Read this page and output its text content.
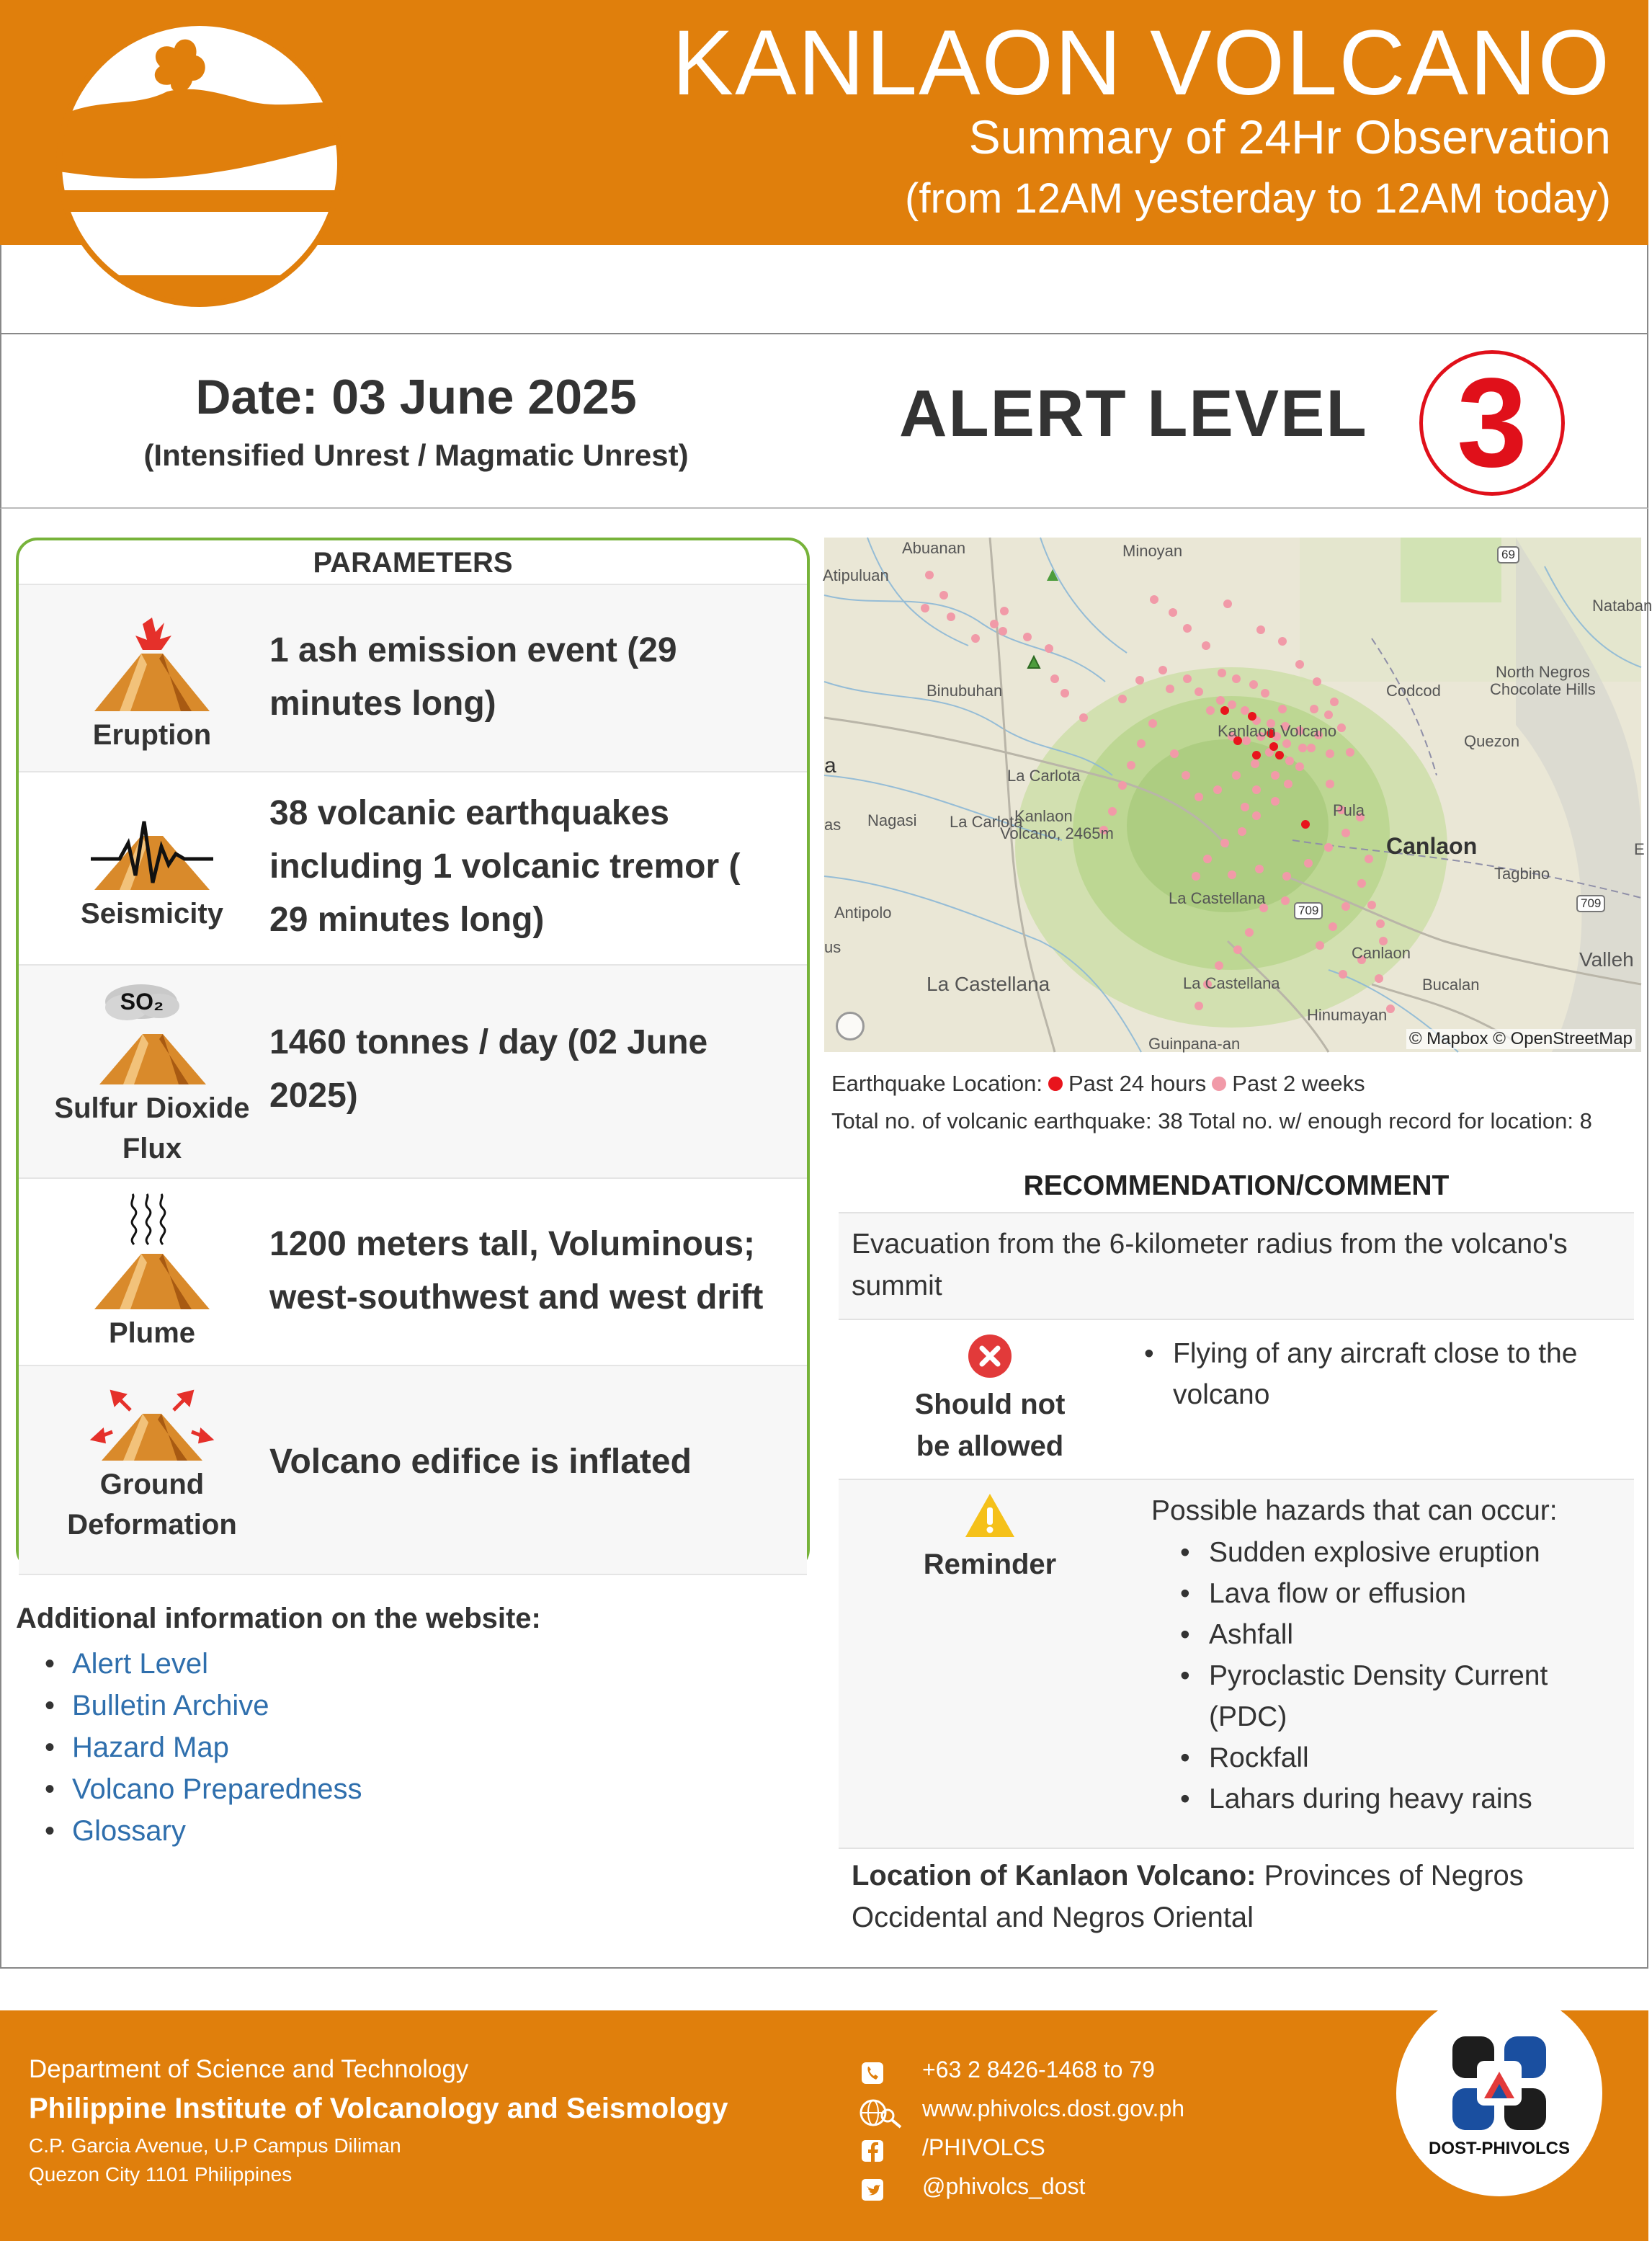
KANLAON VOLCANO
Summary of 24Hr Observation
(from 12AM yesterday to 12AM today)
Date: 03 June 2025
(Intensified Unrest / Magmatic Unrest)
ALERT LEVEL 3
PARAMETERS
Eruption
1 ash emission event (29 minutes long)
Seismicity
38 volcanic earthquakes including 1 volcanic tremor ( 29 minutes long)
SO₂
Sulfur Dioxide Flux
1460 tonnes / day (02 June 2025)
Plume
1200 meters tall, Voluminous; west-southwest and west drift
Ground Deformation
Volcano edifice is inflated
Additional information on the website:
• Alert Level
• Bulletin Archive
• Hazard Map
• Volcano Preparedness
• Glossary
Abuanan	Minoyan
Atipuluan
Nataban
Binubuhan	Codcod
North Negros
Chocolate Hills
Kanlaon Volcano
Quezon
La Carlota
Nagasi La Carlota
Kanlaon
Volcano, 2465m
Pula
Canlaon
Tagbino
Antipolo
La Castellana
La Castellana	La Castellana
Canlaon	Valleh
Bucalan
Hinumayan
Guinpana-an
a
as
us
E
69
709
709
© Mapbox © OpenStreetMap
Earthquake Location: Past 24 hours Past 2 weeks
Total no. of volcanic earthquake: 38 Total no. w/ enough record for location: 8
RECOMMENDATION/COMMENT
Evacuation from the 6-kilometer radius from the volcano's summit
Should not be allowed
• Flying of any aircraft close to the volcano
Reminder
Possible hazards that can occur:
• Sudden explosive eruption
• Lava flow or effusion
• Ashfall
• Pyroclastic Density Current (PDC)
• Rockfall
• Lahars during heavy rains
Location of Kanlaon Volcano: Provinces of Negros Occidental and Negros Oriental
Department of Science and Technology
Philippine Institute of Volcanology and Seismology
C.P. Garcia Avenue, U.P Campus Diliman
Quezon City 1101 Philippines
+63 2 8426-1468 to 79
www.phivolcs.dost.gov.ph
/PHIVOLCS
@phivolcs_dost
DOST-PHIVOLCS
